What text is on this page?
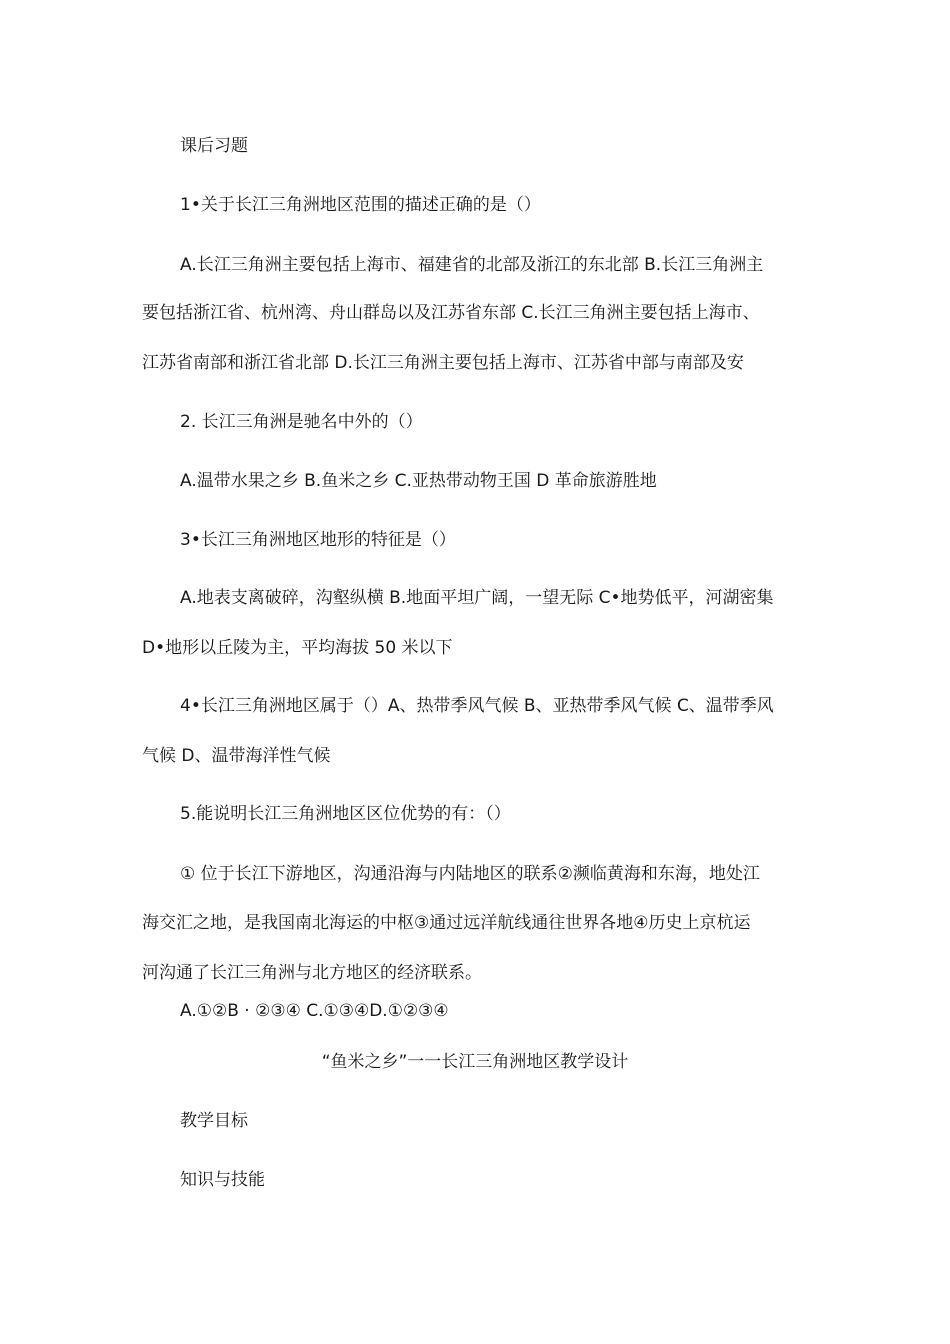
课后习题
1•关于长江三角洲地区范围的描述正确的是（）
A.长江三角洲主要包括上海市、福建省的北部及浙江的东北部 B.长江三角洲主
要包括浙江省、杭州湾、舟山群岛以及江苏省东部 C.长江三角洲主要包括上海市、
江苏省南部和浙江省北部 D.长江三角洲主要包括上海市、江苏省中部与南部及安
2. 长江三角洲是驰名中外的（）
A.温带水果之乡 B.鱼米之乡 C.亚热带动物王国 D 革命旅游胜地
3•长江三角洲地区地形的特征是（）
A.地表支离破碎，沟壑纵横 B.地面平坦广阔，一望无际 C•地势低平，河湖密集
D•地形以丘陵为主，平均海拔 50 米以下
4•长江三角洲地区属于（）A、热带季风气候 B、亚热带季风气候 C、温带季风
气候 D、温带海洋性气候
5.能说明长江三角洲地区区位优势的有：（）
① 位于长江下游地区，沟通沿海与内陆地区的联系②濒临黄海和东海，地处江
海交汇之地，是我国南北海运的中枢③通过远洋航线通往世界各地④历史上京杭运
河沟通了长江三角洲与北方地区的经济联系。
A.①②B · ②③④ C.①③④D.①②③④
“鱼米之乡”一一长江三角洲地区教学设计
教学目标
知识与技能
